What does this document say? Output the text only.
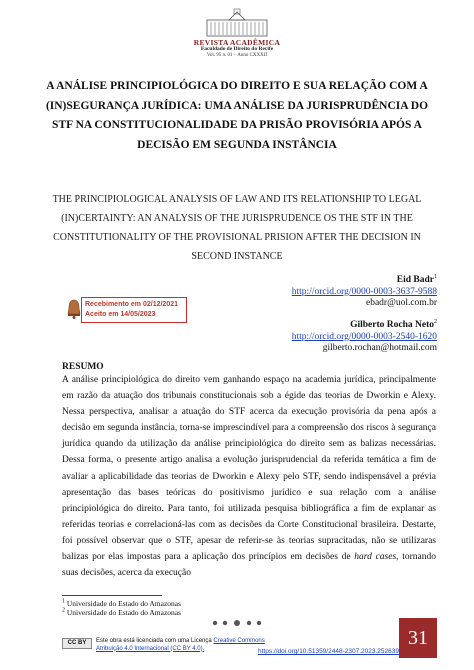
REVISTA ACADÊMICA
Faculdade de Direito do Recife
Vol. 95 n. 01 – Anno CXXXII
A ANÁLISE PRINCIPIOLÓGICA DO DIREITO E SUA RELAÇÃO COM A (IN)SEGURANÇA JURÍDICA: UMA ANÁLISE DA JURISPRUDÊNCIA DO STF NA CONSTITUCIONALIDADE DA PRISÃO PROVISÓRIA APÓS A DECISÃO EM SEGUNDA INSTÂNCIA
THE PRINCIPIOLOGICAL ANALYSIS OF LAW AND ITS RELATIONSHIP TO LEGAL (IN)CERTAINTY: AN ANALYSIS OF THE JURISPRUDENCE OS THE STF IN THE CONSTITUTIONALITY OF THE PROVISIONAL PRISION AFTER THE DECISION IN SECOND INSTANCE
Eid Badr$^1$
http://orcid.org/0000-0003-3637-9588
ebadr@uol.com.br
Recebimento em 02/12/2021
Aceito em 14/05/2023
Gilberto Rocha Neto$^2$
http://orcid.org/0000-0003-2540-1620
gilberto.rochan@hotmail.com
RESUMO
A análise principiológica do direito vem ganhando espaço na academia jurídica, principalmente em razão da atuação dos tribunais constitucionais sob a égide das teorias de Dworkin e Alexy. Nessa perspectiva, analisar a atuação do STF acerca da execução provisória da pena após a decisão em segunda instância, torna-se imprescindível para a compreensão dos riscos à segurança jurídica quando da utilização da análise principiológica do direito sem as balizas necessárias. Dessa forma, o presente artigo analisa a evolução jurisprudencial da referida temática a fim de avaliar a aplicabilidade das teorias de Dworkin e Alexy pelo STF, sendo indispensável a prévia apresentação das bases teóricas do positivismo jurídico e sua relação com a análise principiológica do direito. Para tanto, foi utilizada pesquisa bibliográfica a fim de explanar as referidas teorias e correlacioná-las com as decisões da Corte Constitucional brasileira. Destarte, foi possível observar que o STF, apesar de referir-se às teorias supracitadas, não se utilizaras balizas por elas impostas para a aplicação dos princípios em decisões de hard cases, tornando suas decisões, acerca da execução
$^1$ Universidade do Estado do Amazonas
$^2$ Universidade do Estado do Amazonas
CC BY	Este obra está licenciada com uma Licença Creative Commons Atribuição 4.0 Internacional (CC BY 4.0).	https://doi.org/10.51359/2448-2307.2023.252639
31
